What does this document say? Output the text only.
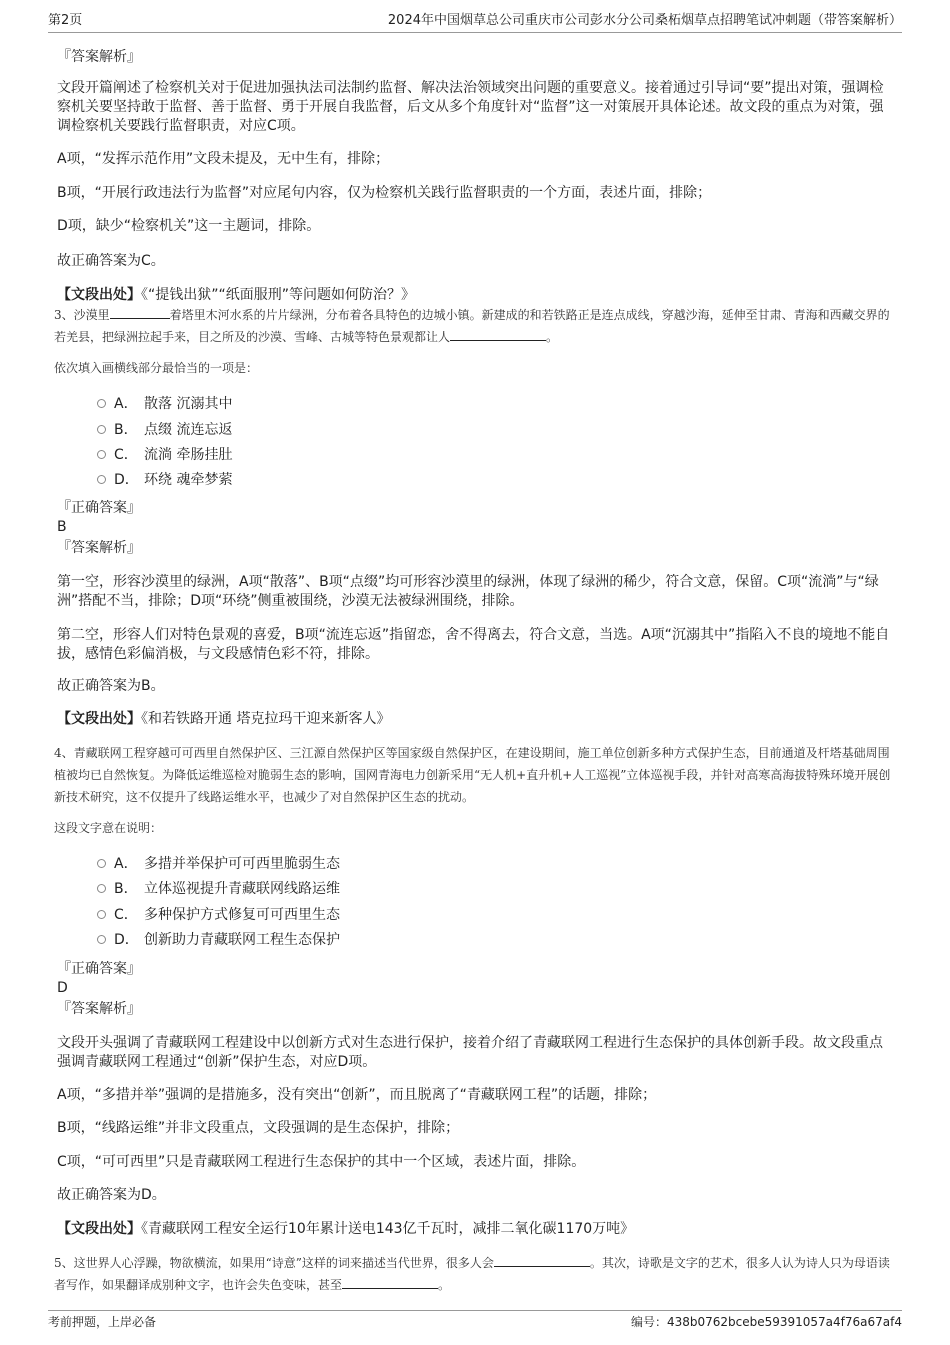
第2页	2024年中国烟草总公司重庆市公司彭水分公司桑柘烟草点招聘笔试冲刺题（带答案解析）

『答案解析』

文段开篇阐述了检察机关对于促进加强执法司法制约监督、解决法治领域突出问题的重要意义。接着通过引导词“要”提出对策，强调检察机关要坚持敢于监督、善于监督、勇于开展自我监督，后文从多个角度针对“监督”这一对策展开具体论述。故文段的重点为对策，强调检察机关要践行监督职责，对应C项。

A项，“发挥示范作用”文段未提及，无中生有，排除；

B项，“开展行政违法行为监督”对应尾句内容，仅为检察机关践行监督职责的一个方面，表述片面，排除；

D项，缺少“检察机关”这一主题词，排除。

故正确答案为C。

【文段出处】《“提钱出狱”“纸面服刑”等问题如何防治？》

3、沙漠里	着塔里木河水系的片片绿洲，分布着各具特色的边城小镇。新建成的和若铁路正是连点成线，穿越沙海，延伸至甘肃、青海和西藏交界的若羌县，把绿洲拉起手来，目之所及的沙漠、雪峰、古城等特色景观都让人	。

依次填入画横线部分最恰当的一项是：

A． 散落 沉溺其中
B． 点缀 流连忘返
C． 流淌 牵肠挂肚
D． 环绕 魂牵梦萦

『正确答案』

B

『答案解析』

第一空，形容沙漠里的绿洲，A项“散落”、B项“点缀”均可形容沙漠里的绿洲，体现了绿洲的稀少，符合文意，保留。C项“流淌”与“绿洲”搭配不当，排除；D项“环绕”侧重被围绕，沙漠无法被绿洲围绕，排除。

第二空，形容人们对特色景观的喜爱，B项“流连忘返”指留恋，舍不得离去，符合文意，当选。A项“沉溺其中”指陷入不良的境地不能自拔，感情色彩偏消极，与文段感情色彩不符，排除。

故正确答案为B。

【文段出处】《和若铁路开通 塔克拉玛干迎来新客人》

4、青藏联网工程穿越可可西里自然保护区、三江源自然保护区等国家级自然保护区，在建设期间，施工单位创新多种方式保护生态，目前通道及杆塔基础周围植被均已自然恢复。为降低运维巡检对脆弱生态的影响，国网青海电力创新采用“无人机+直升机+人工巡视”立体巡视手段，并针对高寒高海拔特殊环境开展创新技术研究，这不仅提升了线路运维水平，也减少了对自然保护区生态的扰动。

这段文字意在说明：

A． 多措并举保护可可西里脆弱生态
B． 立体巡视提升青藏联网线路运维
C． 多种保护方式修复可可西里生态
D． 创新助力青藏联网工程生态保护

『正确答案』

D

『答案解析』

文段开头强调了青藏联网工程建设中以创新方式对生态进行保护，接着介绍了青藏联网工程进行生态保护的具体创新手段。故文段重点强调青藏联网工程通过“创新”保护生态，对应D项。

A项，“多措并举”强调的是措施多，没有突出“创新”，而且脱离了“青藏联网工程”的话题，排除；

B项，“线路运维”并非文段重点，文段强调的是生态保护，排除；

C项，“可可西里”只是青藏联网工程进行生态保护的其中一个区域，表述片面，排除。

故正确答案为D。

【文段出处】《青藏联网工程安全运行10年累计送电143亿千瓦时，减排二氧化碳1170万吨》

5、这世界人心浮躁，物欲横流，如果用“诗意”这样的词来描述当代世界，很多人会	。其次，诗歌是文字的艺术，很多人认为诗人只为母语读者写作，如果翻译成别种文字，也许会失色变味，甚至	。

考前押题，上岸必备	编号：438b0762bcebe59391057a4f76a67af4
